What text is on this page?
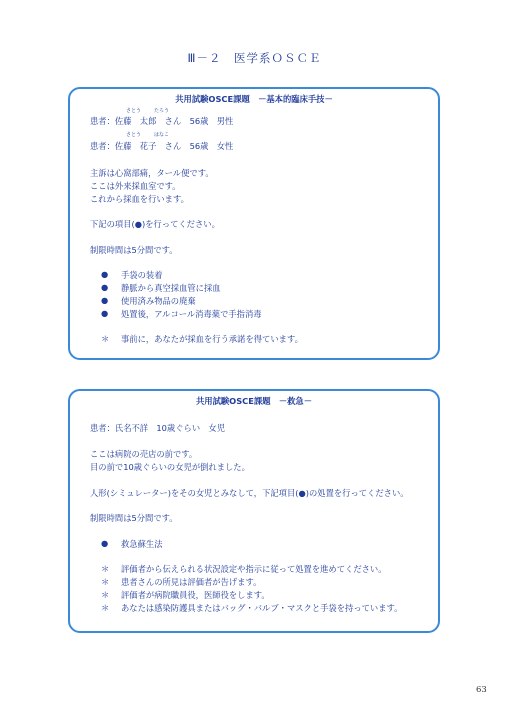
Ⅲ－２　医学系ＯＳＣＥ
共用試験OSCE課題　－基本的臨床手技－
さとう	たろう
患者：佐藤　太郎　さん　56歳　男性
さとう	はなこ
患者：佐藤　花子　さん　56歳　女性
主訴は心窩部痛，タール便です。
ここは外来採血室です。
これから採血を行います。
下記の項目(●)を行ってください。
制限時間は5分間です。
● 手袋の装着
● 静脈から真空採血管に採血
● 使用済み物品の廃棄
● 処置後，アルコール消毒薬で手指消毒
＊ 事前に，あなたが採血を行う承諾を得ています。
共用試験OSCE課題　－救急－
患者：氏名不詳　10歳ぐらい　女児
ここは病院の売店の前です。
目の前で10歳ぐらいの女児が倒れました。
人形(シミュレーター)をその女児とみなして，下記項目(●)の処置を行ってください。
制限時間は5分間です。
● 救急蘇生法
＊ 評価者から伝えられる状況設定や指示に従って処置を進めてください。
＊ 患者さんの所見は評価者が告げます。
＊ 評価者が病院職員役，医師役をします。
＊ あなたは感染防護具またはバッグ・バルブ・マスクと手袋を持っています。
63
